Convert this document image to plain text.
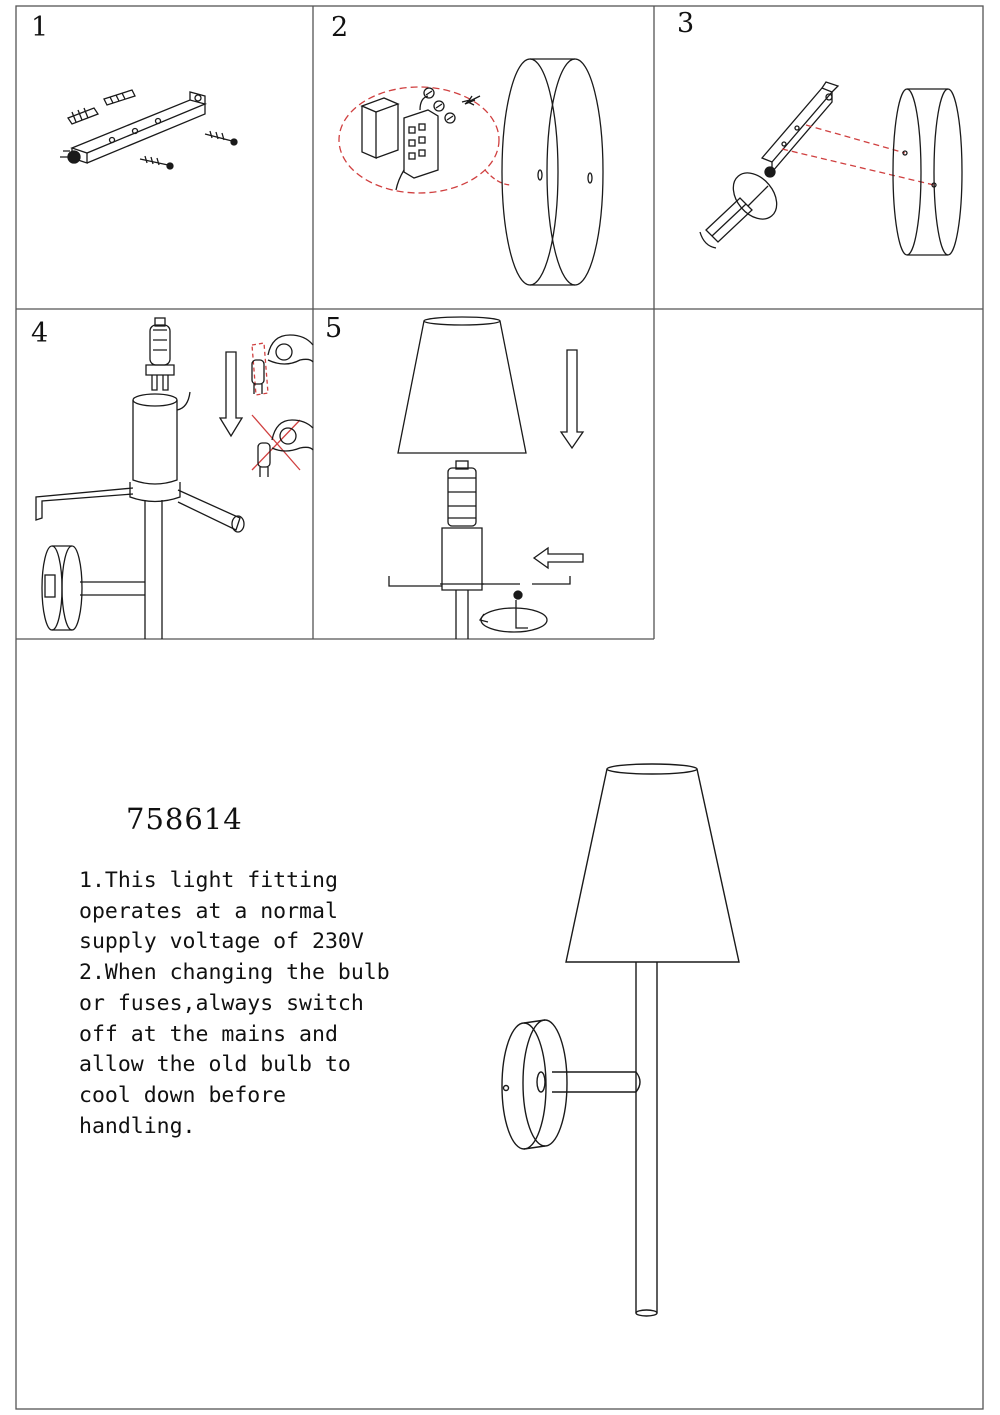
1	2	3
4	5
758614
1.This light fitting operates at a normal supply voltage of 230V
2.When changing the bulb or fuses,always switch off at the mains and allow the old bulb to cool down before handling.
